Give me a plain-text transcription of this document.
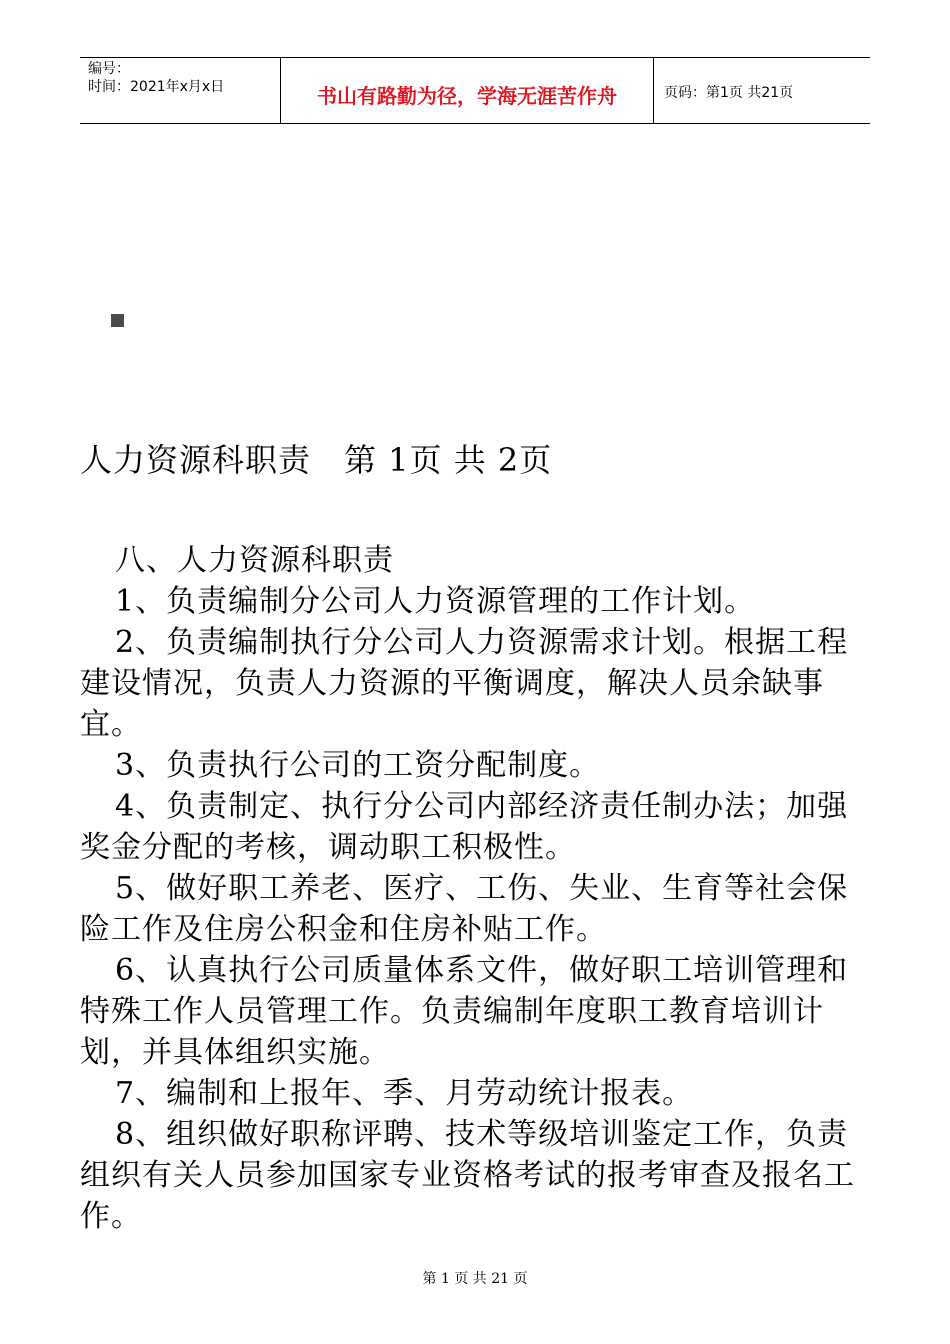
编号：
时间：2021年x月x日	书山有路勤为径，学海无涯苦作舟	页码：第1页 共21页
人力资源科职责　第 1页 共 2页

八、人力资源科职责

1、负责编制分公司人力资源管理的工作计划。

2、负责编制执行分公司人力资源需求计划。根据工程建设情况，负责人力资源的平衡调度，解决人员余缺事宜。

3、负责执行公司的工资分配制度。

4、负责制定、执行分公司内部经济责任制办法；加强奖金分配的考核，调动职工积极性。

5、做好职工养老、医疗、工伤、失业、生育等社会保险工作及住房公积金和住房补贴工作。

6、认真执行公司质量体系文件，做好职工培训管理和特殊工作人员管理工作。负责编制年度职工教育培训计划，并具体组织实施。

7、编制和上报年、季、月劳动统计报表。

8、组织做好职称评聘、技术等级培训鉴定工作，负责组织有关人员参加国家专业资格考试的报考审查及报名工作。

第 1 页 共 21 页
